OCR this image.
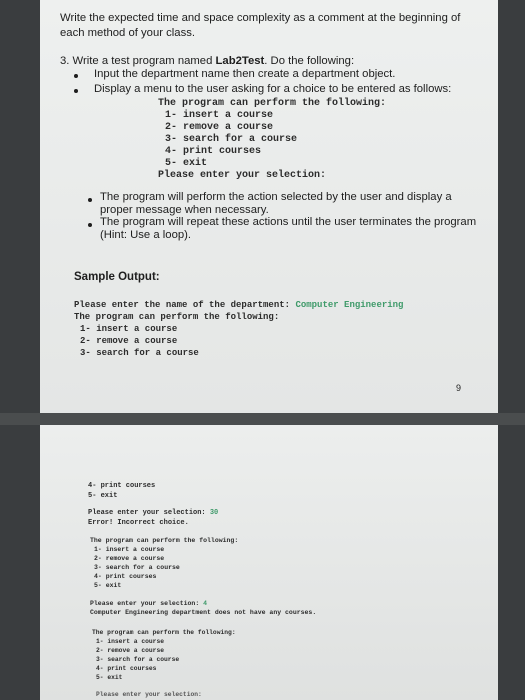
Write the expected time and space complexity as a comment at the beginning of
each method of your class.
3. Write a test program named Lab2Test. Do the following:
Input the department name then create a department object.
Display a menu to the user asking for a choice to be entered as follows:
The program can perform the following:
1- insert a course
2- remove a course
3- search for a course
4- print courses
5- exit
Please enter your selection:
The program will perform the action selected by the user and display a
proper message when necessary.
The program will repeat these actions until the user terminates the program
(Hint: Use a loop).
Sample Output:
Please enter the name of the department: Computer Engineering
The program can perform the following:
1- insert a course
2- remove a course
3- search for a course
9
4- print courses
5- exit
Please enter your selection: 30
Error! Incorrect choice.
The program can perform the following:
1- insert a course
2- remove a course
3- search for a course
4- print courses
5- exit
Please enter your selection: 4
Computer Engineering department does not have any courses.
The program can perform the following:
1- insert a course
2- remove a course
3- search for a course
4- print courses
5- exit
Please enter your selection:
